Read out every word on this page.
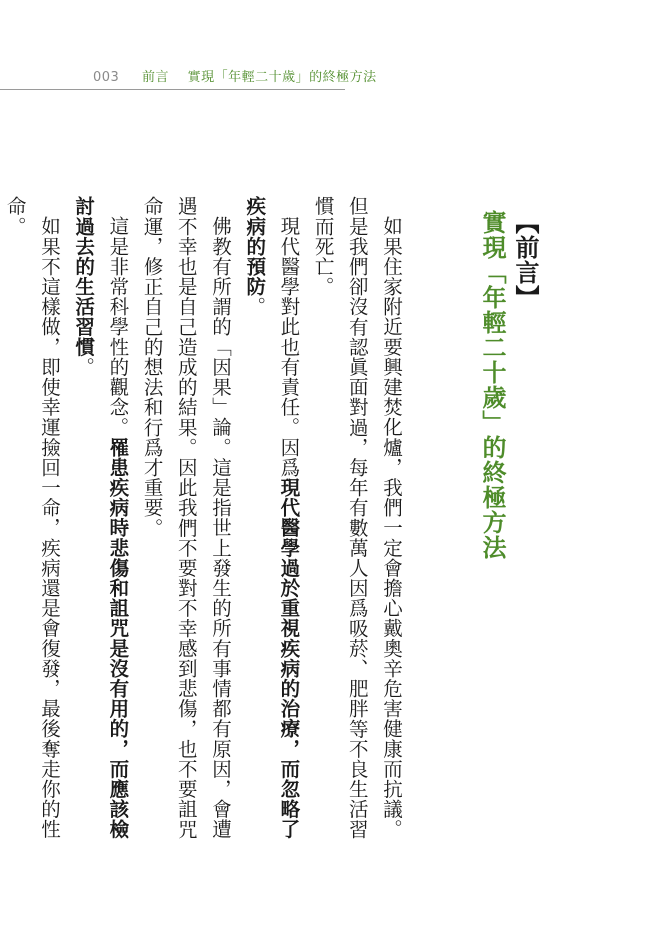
003 前言 實現「年輕二十歲」的終極方法
【前言】
實現「年輕二十歲」的終極方法

如果住家附近要興建焚化爐，我們一定會擔心戴奧辛危害健康而抗議。但是我們卻沒有認眞面對過，每年有數萬人因爲吸菸、肥胖等不良生活習慣而死亡。

現代醫學對此也有責任。因爲現代醫學過於重視疾病的治療，而忽略了疾病的預防。

佛教有所謂的「因果」論。這是指世上發生的所有事情都有原因，會遭遇不幸也是自己造成的結果。因此我們不要對不幸感到悲傷，也不要詛咒命運，修正自己的想法和行爲才重要。

這是非常科學性的觀念。罹患疾病時悲傷和詛咒是沒有用的，而應該檢討過去的生活習慣。

如果不這樣做，即使幸運撿回一命，疾病還是會復發，最後奪走你的性命。
